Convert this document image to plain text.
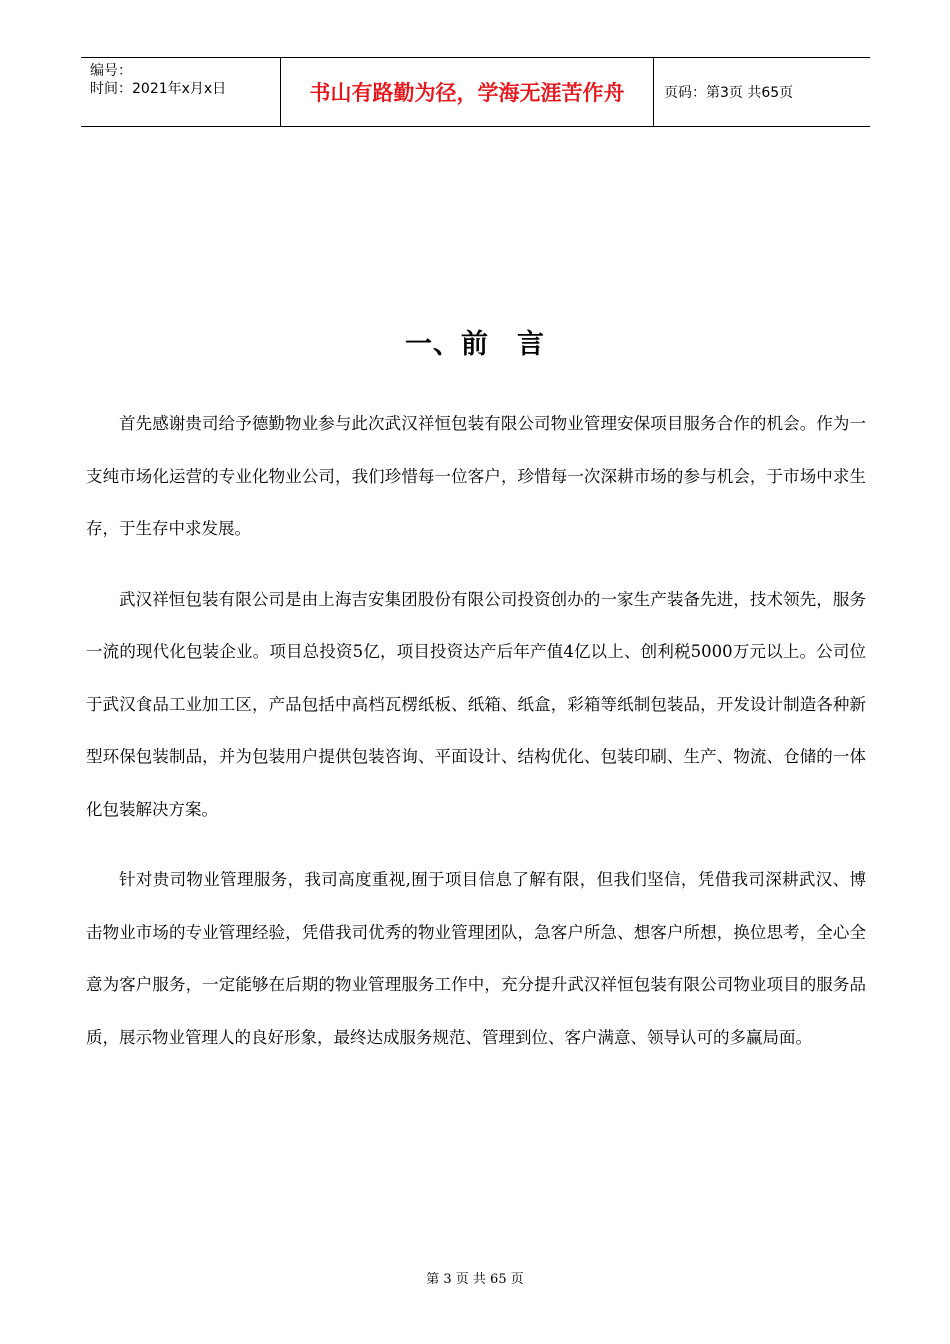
编号：
时间：2021年x月x日	书山有路勤为径，学海无涯苦作舟	页码：第3页 共65页
一、前　言

首先感谢贵司给予德勤物业参与此次武汉祥恒包装有限公司物业管理安保项目服务合作的机会。作为一支纯市场化运营的专业化物业公司，我们珍惜每一位客户，珍惜每一次深耕市场的参与机会，于市场中求生存，于生存中求发展。

武汉祥恒包装有限公司是由上海吉安集团股份有限公司投资创办的一家生产装备先进，技术领先，服务一流的现代化包装企业。项目总投资5亿，项目投资达产后年产值4亿以上、创利税5000万元以上。公司位于武汉食品工业加工区，产品包括中高档瓦楞纸板、纸箱、纸盒，彩箱等纸制包装品，开发设计制造各种新型环保包装制品，并为包装用户提供包装咨询、平面设计、结构优化、包装印刷、生产、物流、仓储的一体化包装解决方案。

针对贵司物业管理服务，我司高度重视,囿于项目信息了解有限，但我们坚信，凭借我司深耕武汉、博击物业市场的专业管理经验，凭借我司优秀的物业管理团队，急客户所急、想客户所想，换位思考，全心全意为客户服务，一定能够在后期的物业管理服务工作中，充分提升武汉祥恒包装有限公司物业项目的服务品质，展示物业管理人的良好形象，最终达成服务规范、管理到位、客户满意、领导认可的多赢局面。

第 3 页 共 65 页
